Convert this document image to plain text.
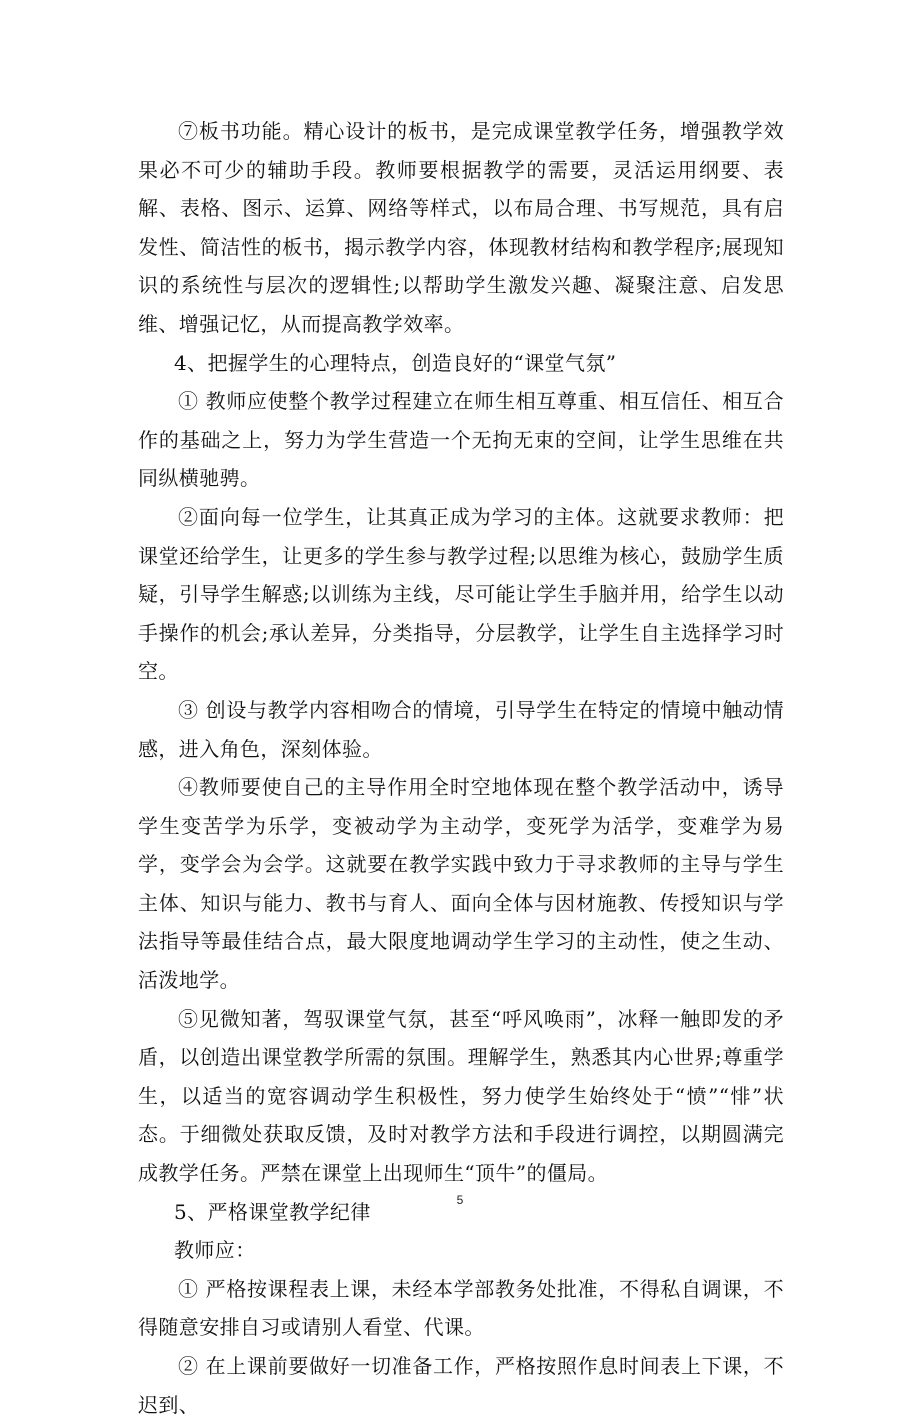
⑦板书功能。精心设计的板书，是完成课堂教学任务，增强教学效果必不可少的辅助手段。教师要根据教学的需要，灵活运用纲要、表解、表格、图示、运算、网络等样式，以布局合理、书写规范，具有启发性、简洁性的板书，揭示教学内容，体现教材结构和教学程序;展现知识的系统性与层次的逻辑性;以帮助学生激发兴趣、凝聚注意、启发思维、增强记忆，从而提高教学效率。

4、把握学生的心理特点，创造良好的“课堂气氛”

① 教师应使整个教学过程建立在师生相互尊重、相互信任、相互合作的基础之上，努力为学生营造一个无拘无束的空间，让学生思维在共同纵横驰骋。

②面向每一位学生，让其真正成为学习的主体。这就要求教师：把课堂还给学生，让更多的学生参与教学过程;以思维为核心，鼓励学生质疑，引导学生解惑;以训练为主线，尽可能让学生手脑并用，给学生以动手操作的机会;承认差异，分类指导，分层教学，让学生自主选择学习时空。

③ 创设与教学内容相吻合的情境，引导学生在特定的情境中触动情感，进入角色，深刻体验。

④教师要使自己的主导作用全时空地体现在整个教学活动中，诱导学生变苦学为乐学，变被动学为主动学，变死学为活学，变难学为易学，变学会为会学。这就要在教学实践中致力于寻求教师的主导与学生主体、知识与能力、教书与育人、面向全体与因材施教、传授知识与学法指导等最佳结合点，最大限度地调动学生学习的主动性，使之生动、活泼地学。

⑤见微知著，驾驭课堂气氛，甚至“呼风唤雨”，冰释一触即发的矛盾，以创造出课堂教学所需的氛围。理解学生，熟悉其内心世界;尊重学生，以适当的宽容调动学生积极性，努力使学生始终处于“愤”“悱”状态。于细微处获取反馈，及时对教学方法和手段进行调控，以期圆满完成教学任务。严禁在课堂上出现师生“顶牛”的僵局。

5、严格课堂教学纪律

教师应：

① 严格按课程表上课，未经本学部教务处批准，不得私自调课，不得随意安排自习或请别人看堂、代课。

② 在上课前要做好一切准备工作，严格按照作息时间表上下课，不迟到、

5
